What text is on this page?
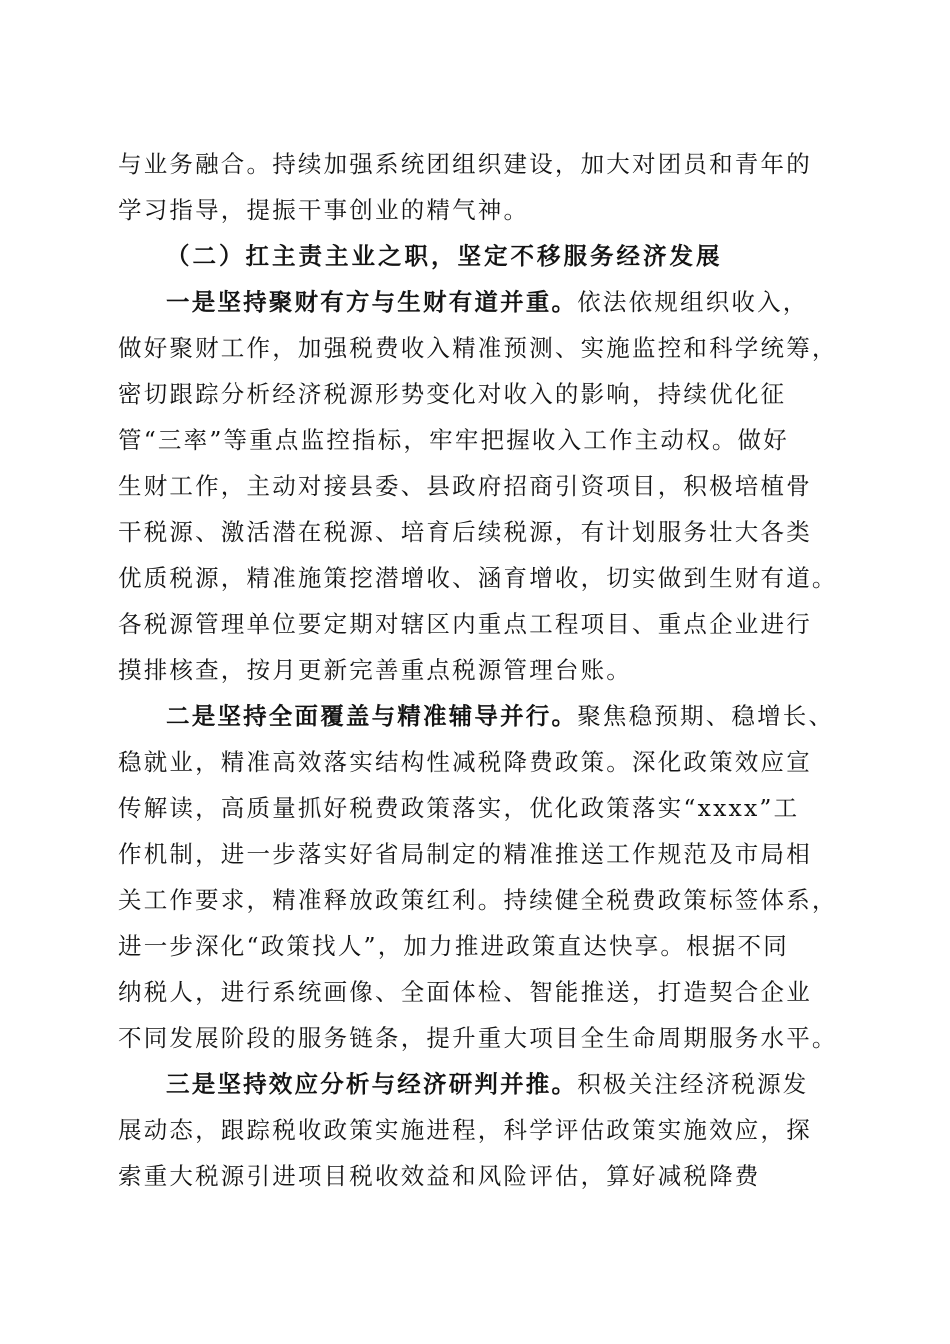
与业务融合。持续加强系统团组织建设，加大对团员和青年的
学习指导，提振干事创业的精气神。
（二）扛主责主业之职，坚定不移服务经济发展
一是坚持聚财有方与生财有道并重。依法依规组织收入，
做好聚财工作，加强税费收入精准预测、实施监控和科学统筹，
密切跟踪分析经济税源形势变化对收入的影响，持续优化征
管“三率”等重点监控指标，牢牢把握收入工作主动权。做好
生财工作，主动对接县委、县政府招商引资项目，积极培植骨
干税源、激活潜在税源、培育后续税源，有计划服务壮大各类
优质税源，精准施策挖潜增收、涵育增收，切实做到生财有道。
各税源管理单位要定期对辖区内重点工程项目、重点企业进行
摸排核查，按月更新完善重点税源管理台账。
二是坚持全面覆盖与精准辅导并行。聚焦稳预期、稳增长、
稳就业，精准高效落实结构性减税降费政策。深化政策效应宣
传解读，高质量抓好税费政策落实，优化政策落实“xxxx”工
作机制，进一步落实好省局制定的精准推送工作规范及市局相
关工作要求，精准释放政策红利。持续健全税费政策标签体系，
进一步深化“政策找人”，加力推进政策直达快享。根据不同
纳税人，进行系统画像、全面体检、智能推送，打造契合企业
不同发展阶段的服务链条，提升重大项目全生命周期服务水平。
三是坚持效应分析与经济研判并推。积极关注经济税源发
展动态，跟踪税收政策实施进程，科学评估政策实施效应，探
索重大税源引进项目税收效益和风险评估，算好减税降费
